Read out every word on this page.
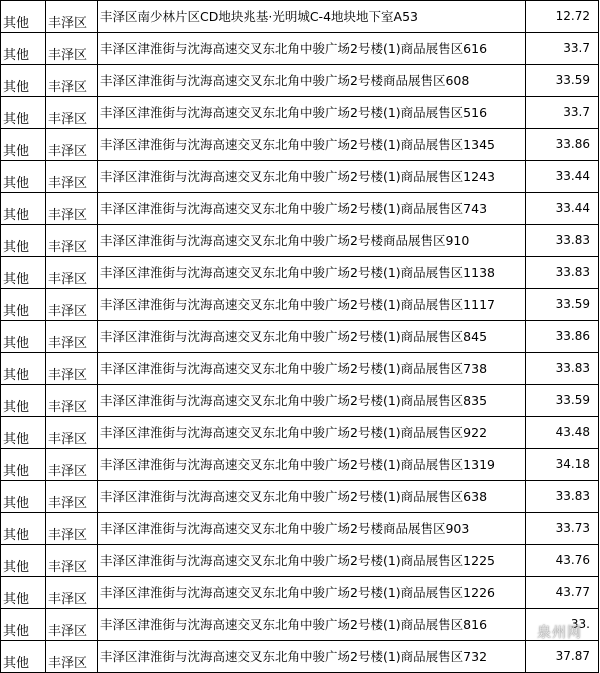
其他	丰泽区	丰泽区南少林片区CD地块兆基·光明城C-4地块地下室A53	12.72
其他	丰泽区	丰泽区津淮街与沈海高速交叉东北角中骏广场2号楼(1)商品展售区616	33.7
其他	丰泽区	丰泽区津淮街与沈海高速交叉东北角中骏广场2号楼商品展售区608	33.59
其他	丰泽区	丰泽区津淮街与沈海高速交叉东北角中骏广场2号楼(1)商品展售区516	33.7
其他	丰泽区	丰泽区津淮街与沈海高速交叉东北角中骏广场2号楼(1)商品展售区1345	33.86
其他	丰泽区	丰泽区津淮街与沈海高速交叉东北角中骏广场2号楼(1)商品展售区1243	33.44
其他	丰泽区	丰泽区津淮街与沈海高速交叉东北角中骏广场2号楼(1)商品展售区743	33.44
其他	丰泽区	丰泽区津淮街与沈海高速交叉东北角中骏广场2号楼商品展售区910	33.83
其他	丰泽区	丰泽区津淮街与沈海高速交叉东北角中骏广场2号楼(1)商品展售区1138	33.83
其他	丰泽区	丰泽区津淮街与沈海高速交叉东北角中骏广场2号楼(1)商品展售区1117	33.59
其他	丰泽区	丰泽区津淮街与沈海高速交叉东北角中骏广场2号楼(1)商品展售区845	33.86
其他	丰泽区	丰泽区津淮街与沈海高速交叉东北角中骏广场2号楼(1)商品展售区738	33.83
其他	丰泽区	丰泽区津淮街与沈海高速交叉东北角中骏广场2号楼(1)商品展售区835	33.59
其他	丰泽区	丰泽区津淮街与沈海高速交叉东北角中骏广场2号楼(1)商品展售区922	43.48
其他	丰泽区	丰泽区津淮街与沈海高速交叉东北角中骏广场2号楼(1)商品展售区1319	34.18
其他	丰泽区	丰泽区津淮街与沈海高速交叉东北角中骏广场2号楼(1)商品展售区638	33.83
其他	丰泽区	丰泽区津淮街与沈海高速交叉东北角中骏广场2号楼商品展售区903	33.73
其他	丰泽区	丰泽区津淮街与沈海高速交叉东北角中骏广场2号楼(1)商品展售区1225	43.76
其他	丰泽区	丰泽区津淮街与沈海高速交叉东北角中骏广场2号楼(1)商品展售区1226	43.77
其他	丰泽区	丰泽区津淮街与沈海高速交叉东北角中骏广场2号楼(1)商品展售区816	33.
其他	丰泽区	丰泽区津淮街与沈海高速交叉东北角中骏广场2号楼(1)商品展售区732	37.87
泉州网
